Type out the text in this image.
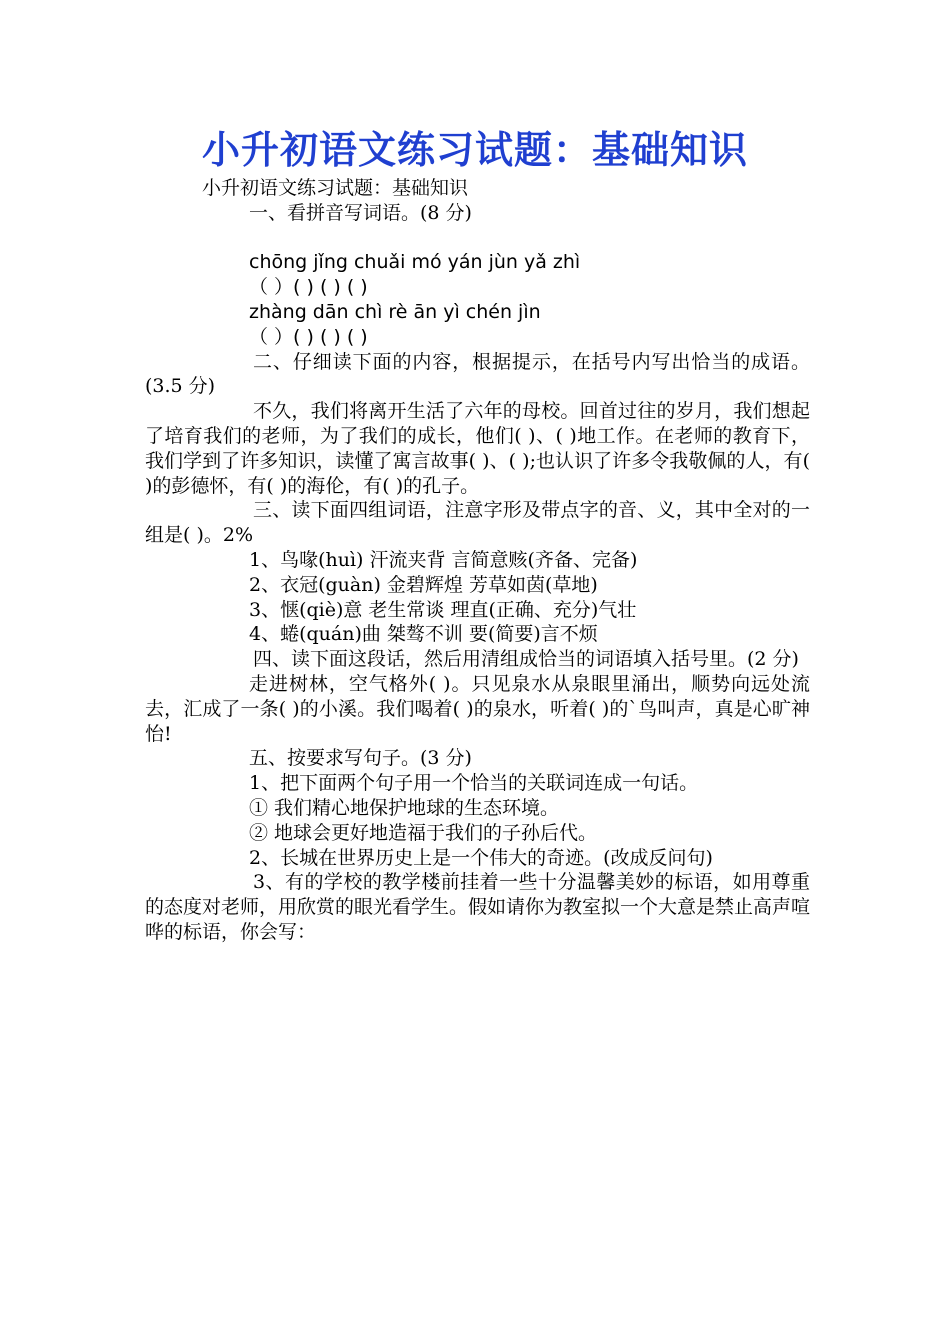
小升初语文练习试题：基础知识
小升初语文练习试题：基础知识
一、看拼音写词语。(8 分)
chōng jǐng chuǎi mó yán jùn yǎ zhì
（ ）( ) ( ) ( )
zhàng dān chì rè ān yì chén jìn
（ ）( ) ( ) ( )
二、仔细读下面的内容，根据提示，在括号内写出恰当的成语。(3.5 分)
不久，我们将离开生活了六年的母校。回首过往的岁月，我们想起了培育我们的老师，为了我们的成长，他们( )、( )地工作。在老师的教育下，我们学到了许多知识，读懂了寓言故事( )、( );也认识了许多令我敬佩的人，有( )的彭德怀，有( )的海伦，有( )的孔子。
三、读下面四组词语，注意字形及带点字的音、义，其中全对的一组是( )。2%
1、鸟喙(huì) 汗流夹背 言简意赅(齐备、完备)
2、衣冠(guàn) 金碧辉煌 芳草如茵(草地)
3、惬(qiè)意 老生常谈 理直(正确、充分)气壮
4、蜷(quán)曲 桀骜不训 要(简要)言不烦
四、读下面这段话，然后用清组成恰当的词语填入括号里。(2 分)
走进树林，空气格外( )。只见泉水从泉眼里涌出，顺势向远处流去，汇成了一条( )的小溪。我们喝着( )的泉水，听着( )的`鸟叫声，真是心旷神怡!
五、按要求写句子。(3 分)
1、把下面两个句子用一个恰当的关联词连成一句话。
① 我们精心地保护地球的生态环境。
② 地球会更好地造福于我们的子孙后代。
2、长城在世界历史上是一个伟大的奇迹。(改成反问句)
3、有的学校的教学楼前挂着一些十分温馨美妙的标语，如用尊重的态度对老师，用欣赏的眼光看学生。假如请你为教室拟一个大意是禁止高声喧哗的标语，你会写：
